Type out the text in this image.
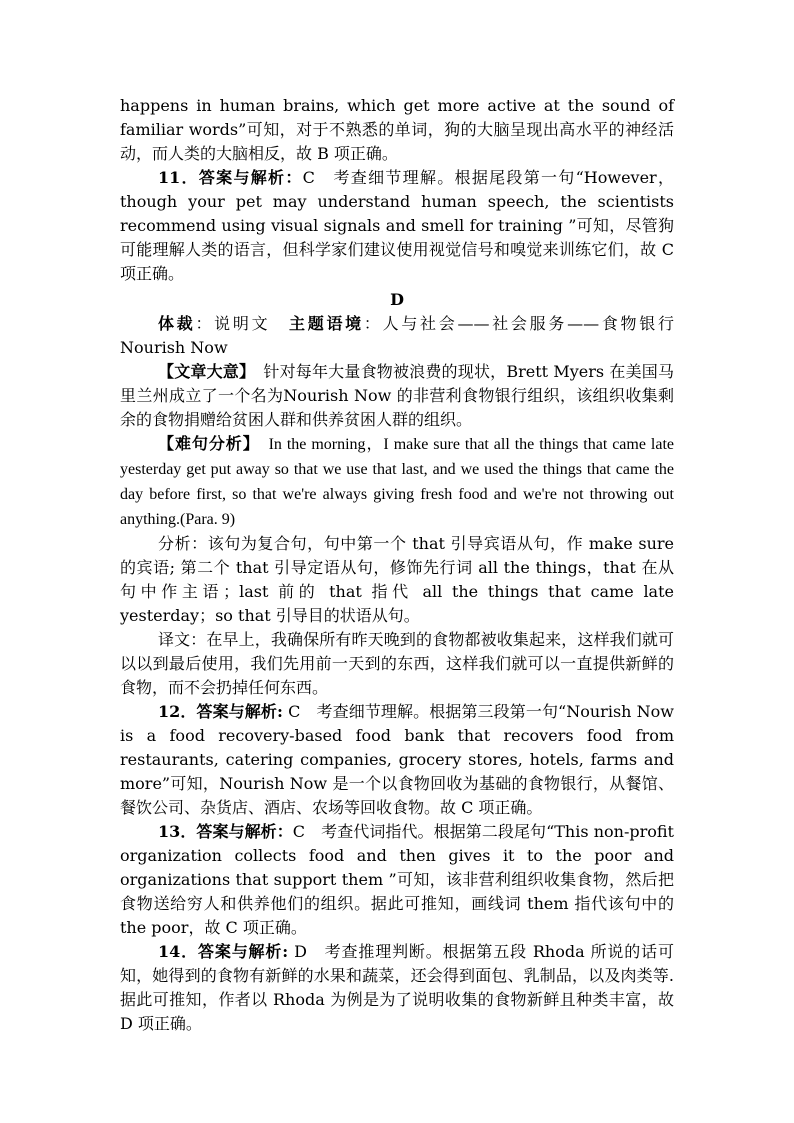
happens in human brains, which get more active at the sound of familiar words”可知，对于不熟悉的单词，狗的大脑呈现出高水平的神经活动，而人类的大脑相反，故 B 项正确。

11．答案与解析：C　考查细节理解。根据尾段第一句“However， though your pet may understand human speech, the scientists recommend using visual signals and smell for training ”可知，尽管狗可能理解人类的语言，但科学家们建议使用视觉信号和嗅觉来训练它们，故 C 项正确。

D

体裁：说明文　主题语境：人与社会——社会服务——食物银行 Nourish Now

【文章大意】　针对每年大量食物被浪费的现状，Brett Myers 在美国马里兰州成立了一个名为Nourish Now 的非营利食物银行组织，该组织收集剩余的食物捐赠给贫困人群和供养贫困人群的组织。

【难句分析】　In the morning，I make sure that all the things that came late yesterday get put away so that we use that last, and we used the things that came the day before first, so that we're always giving fresh food and we're not throwing out anything.(Para. 9)

分析：该句为复合句，句中第一个 that 引导宾语从句，作 make sure 的宾语; 第二个 that 引导定语从句，修饰先行词 all the things，that 在从句中作主语；last 前的 that 指代 all the things that came late yesterday；so that 引导目的状语从句。

译文：在早上，我确保所有昨天晚到的食物都被收集起来，这样我们就可以以到最后使用，我们先用前一天到的东西，这样我们就可以一直提供新鲜的食物，而不会扔掉任何东西。

12．答案与解析: C　考查细节理解。根据第三段第一句“Nourish Now is a food recovery-based food bank that recovers food from restaurants, catering companies, grocery stores, hotels, farms and more”可知，Nourish Now 是一个以食物回收为基础的食物银行，从餐馆、餐饮公司、杂货店、酒店、农场等回收食物。故 C 项正确。

13．答案与解析：C　考查代词指代。根据第二段尾句“This non-profit organization collects food and then gives it to the poor and organizations that support them ”可知，该非营利组织收集食物，然后把食物送给穷人和供养他们的组织。据此可推知，画线词 them 指代该句中的 the poor，故 C 项正确。

14．答案与解析: D　考查推理判断。根据第五段 Rhoda 所说的话可知，她得到的食物有新鲜的水果和蔬菜，还会得到面包、乳制品，以及肉类等. 据此可推知，作者以 Rhoda 为例是为了说明收集的食物新鲜且种类丰富，故 D 项正确。
